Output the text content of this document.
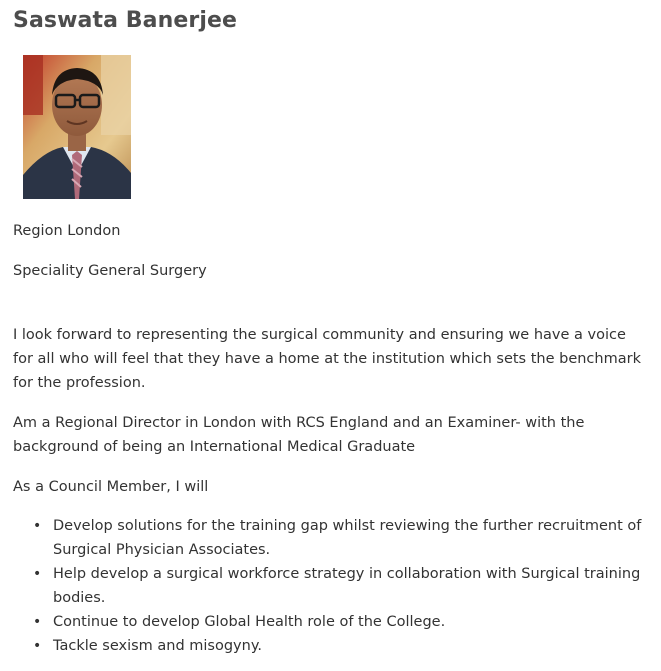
Saswata Banerjee

Region London

Speciality General Surgery

I look forward to representing the surgical community and ensuring we have a voice for all who will feel that they have a home at the institution which sets the benchmark for the profession.

Am a Regional Director in London with RCS England and an Examiner- with the background of being an International Medical Graduate

As a Council Member, I will

• Develop solutions for the training gap whilst reviewing the further recruitment of Surgical Physician Associates.
• Help develop a surgical workforce strategy in collaboration with Surgical training bodies.
• Continue to develop Global Health role of the College.
• Tackle sexism and misogyny.
